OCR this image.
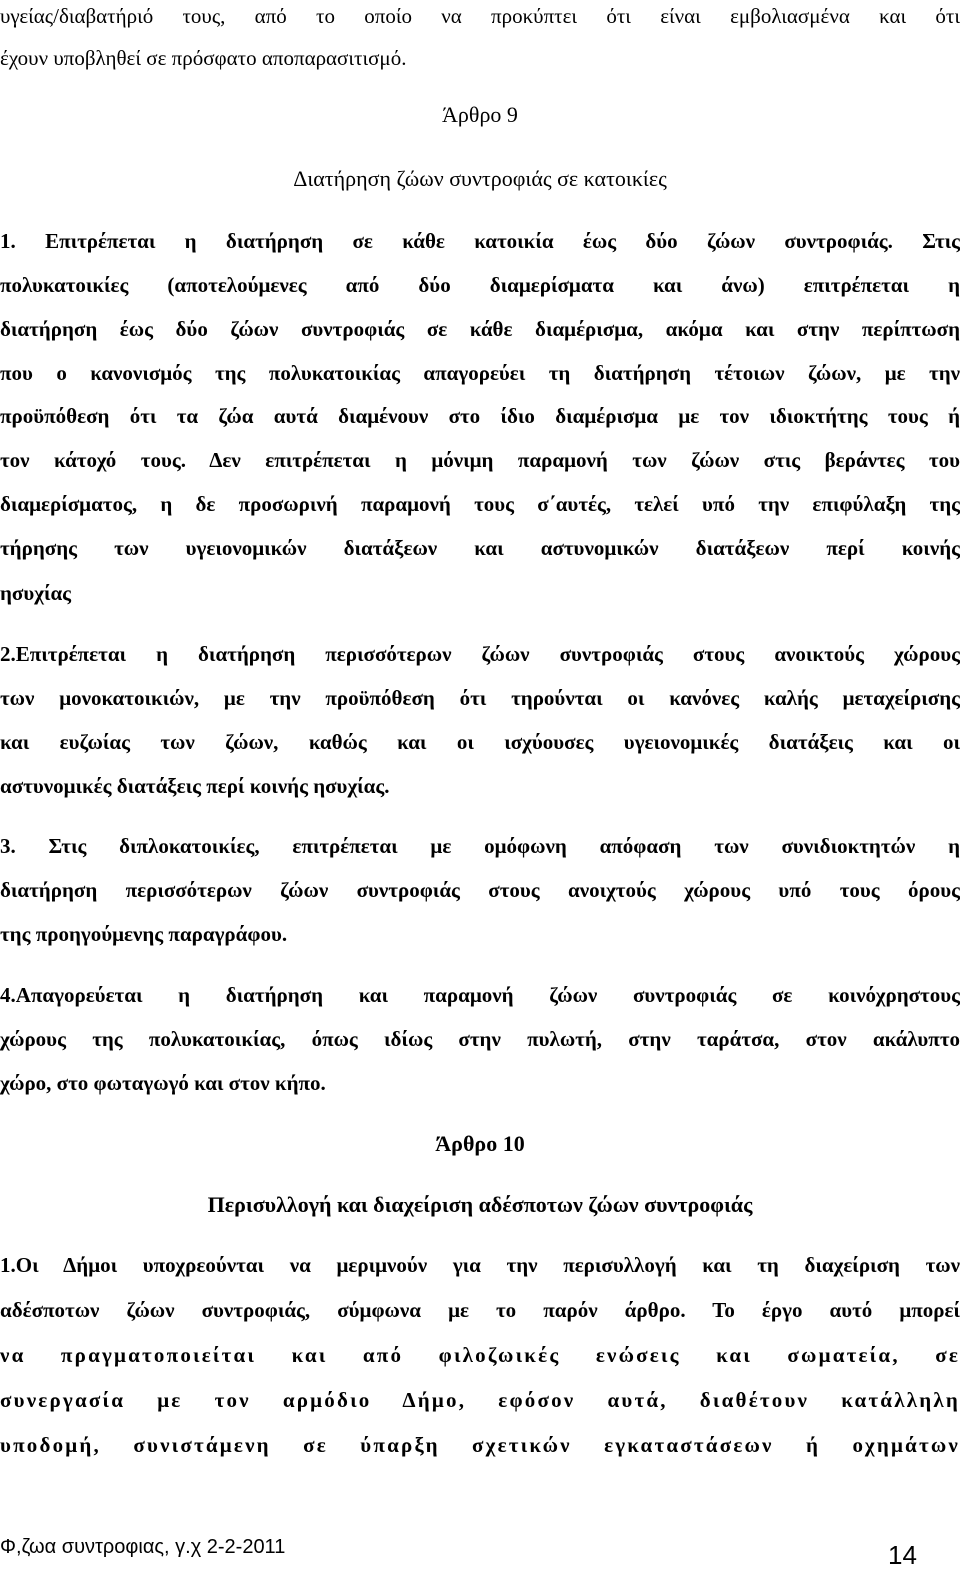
υγείας/διαβατήριό τους, από το οποίο να προκύπτει ότι είναι εμβολιασμένα και ότι
έχουν υποβληθεί σε πρόσφατο αποπαρασιτισμό.
Άρθρο 9
Διατήρηση ζώων συντροφιάς σε κατοικίες
1. Επιτρέπεται η διατήρηση σε κάθε κατοικία έως δύο ζώων συντροφιάς. Στις
πολυκατοικίες (αποτελούμενες από δύο διαμερίσματα και άνω) επιτρέπεται η
διατήρηση έως δύο ζώων συντροφιάς σε κάθε διαμέρισμα, ακόμα και στην περίπτωση
που ο κανονισμός της πολυκατοικίας απαγορεύει τη διατήρηση τέτοιων ζώων, με την
προϋπόθεση ότι τα ζώα αυτά διαμένουν στο ίδιο διαμέρισμα με τον ιδιοκτήτης τους ή
τον κάτοχό τους. Δεν επιτρέπεται η μόνιμη παραμονή των ζώων στις βεράντες του
διαμερίσματος, η δε προσωρινή παραμονή τους σ΄αυτές, τελεί υπό την επιφύλαξη της
τήρησης των υγειονομικών διατάξεων και αστυνομικών διατάξεων περί κοινής
ησυχίας
2.Επιτρέπεται η διατήρηση περισσότερων ζώων συντροφιάς στους ανοικτούς χώρους
των μονοκατοικιών, με την προϋπόθεση ότι τηρούνται οι κανόνες καλής μεταχείρισης
και ευζωίας των ζώων, καθώς και οι ισχύουσες υγειονομικές διατάξεις και οι
αστυνομικές διατάξεις περί κοινής ησυχίας.
3. Στις διπλοκατοικίες, επιτρέπεται με ομόφωνη απόφαση των συνιδιοκτητών η
διατήρηση περισσότερων ζώων συντροφιάς στους ανοιχτούς χώρους υπό τους όρους
της προηγούμενης παραγράφου.
4.Απαγορεύεται η διατήρηση και παραμονή ζώων συντροφιάς σε κοινόχρηστους
χώρους της πολυκατοικίας, όπως ιδίως στην πυλωτή, στην ταράτσα, στον ακάλυπτο
χώρο, στο φωταγωγό και στον κήπο.
Άρθρο 10
Περισυλλογή και διαχείριση αδέσποτων ζώων συντροφιάς
1.Οι Δήμοι υποχρεούνται να μεριμνούν για την περισυλλογή και τη διαχείριση των
αδέσποτων ζώων συντροφιάς, σύμφωνα με το παρόν άρθρο. Το έργο αυτό μπορεί
να πραγματοποιείται και από φιλοζωικές ενώσεις και σωματεία, σε
συνεργασία με τον αρμόδιο Δήμο, εφόσον αυτά, διαθέτουν κατάλληλη
υποδομή, συνιστάμενη σε ύπαρξη σχετικών εγκαταστάσεων ή οχημάτων
Φ,ζωα συντροφιας, γ.χ 2-2-2011	14
